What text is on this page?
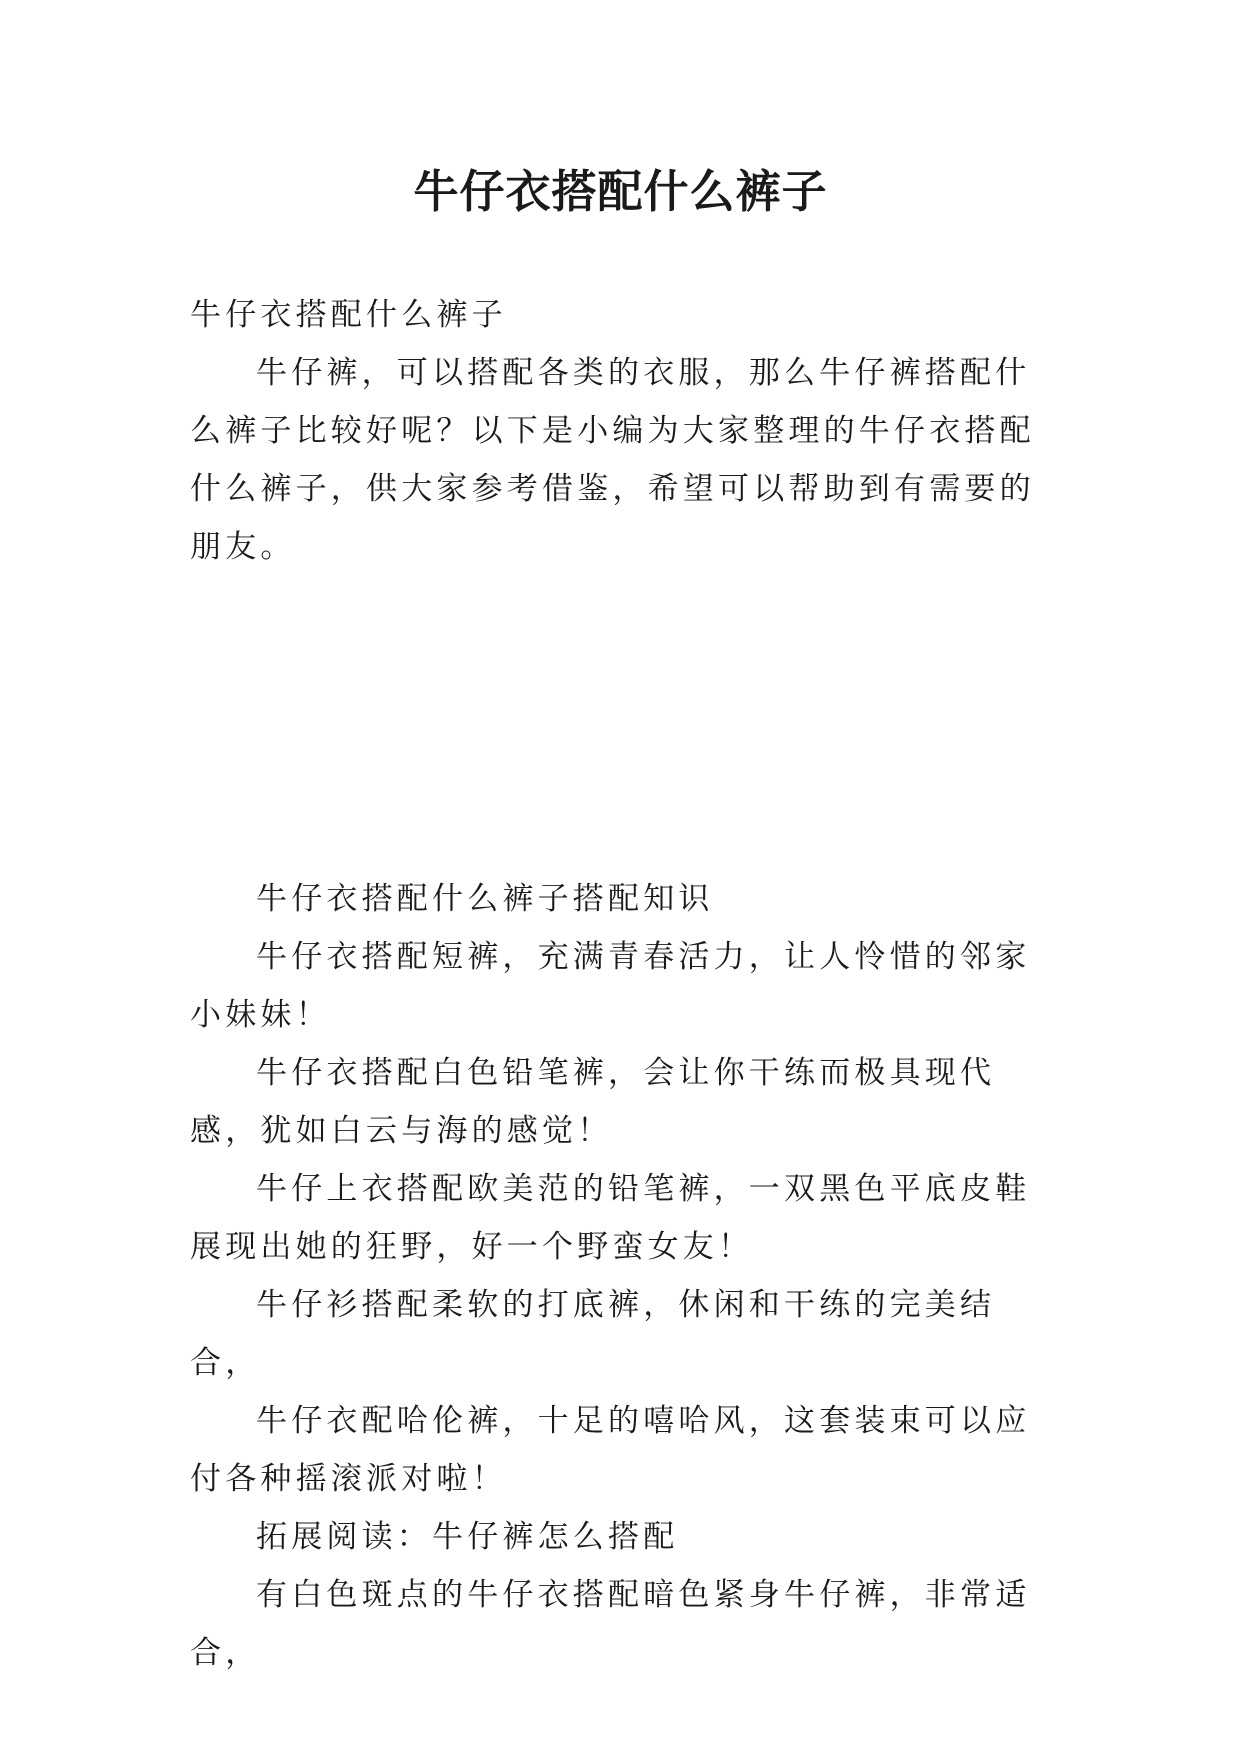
牛仔衣搭配什么裤子

牛仔衣搭配什么裤子

牛仔裤，可以搭配各类的衣服，那么牛仔裤搭配什么裤子比较好呢？以下是小编为大家整理的牛仔衣搭配什么裤子，供大家参考借鉴，希望可以帮助到有需要的朋友。

牛仔衣搭配什么裤子搭配知识

牛仔衣搭配短裤，充满青春活力，让人怜惜的邻家小妹妹！

牛仔衣搭配白色铅笔裤，会让你干练而极具现代感，犹如白云与海的感觉！

牛仔上衣搭配欧美范的铅笔裤，一双黑色平底皮鞋展现出她的狂野，好一个野蛮女友！

牛仔衫搭配柔软的打底裤，休闲和干练的完美结合，

牛仔衣配哈伦裤，十足的嘻哈风，这套装束可以应付各种摇滚派对啦！

拓展阅读：牛仔裤怎么搭配

有白色斑点的牛仔衣搭配暗色紧身牛仔裤，非常适合，
